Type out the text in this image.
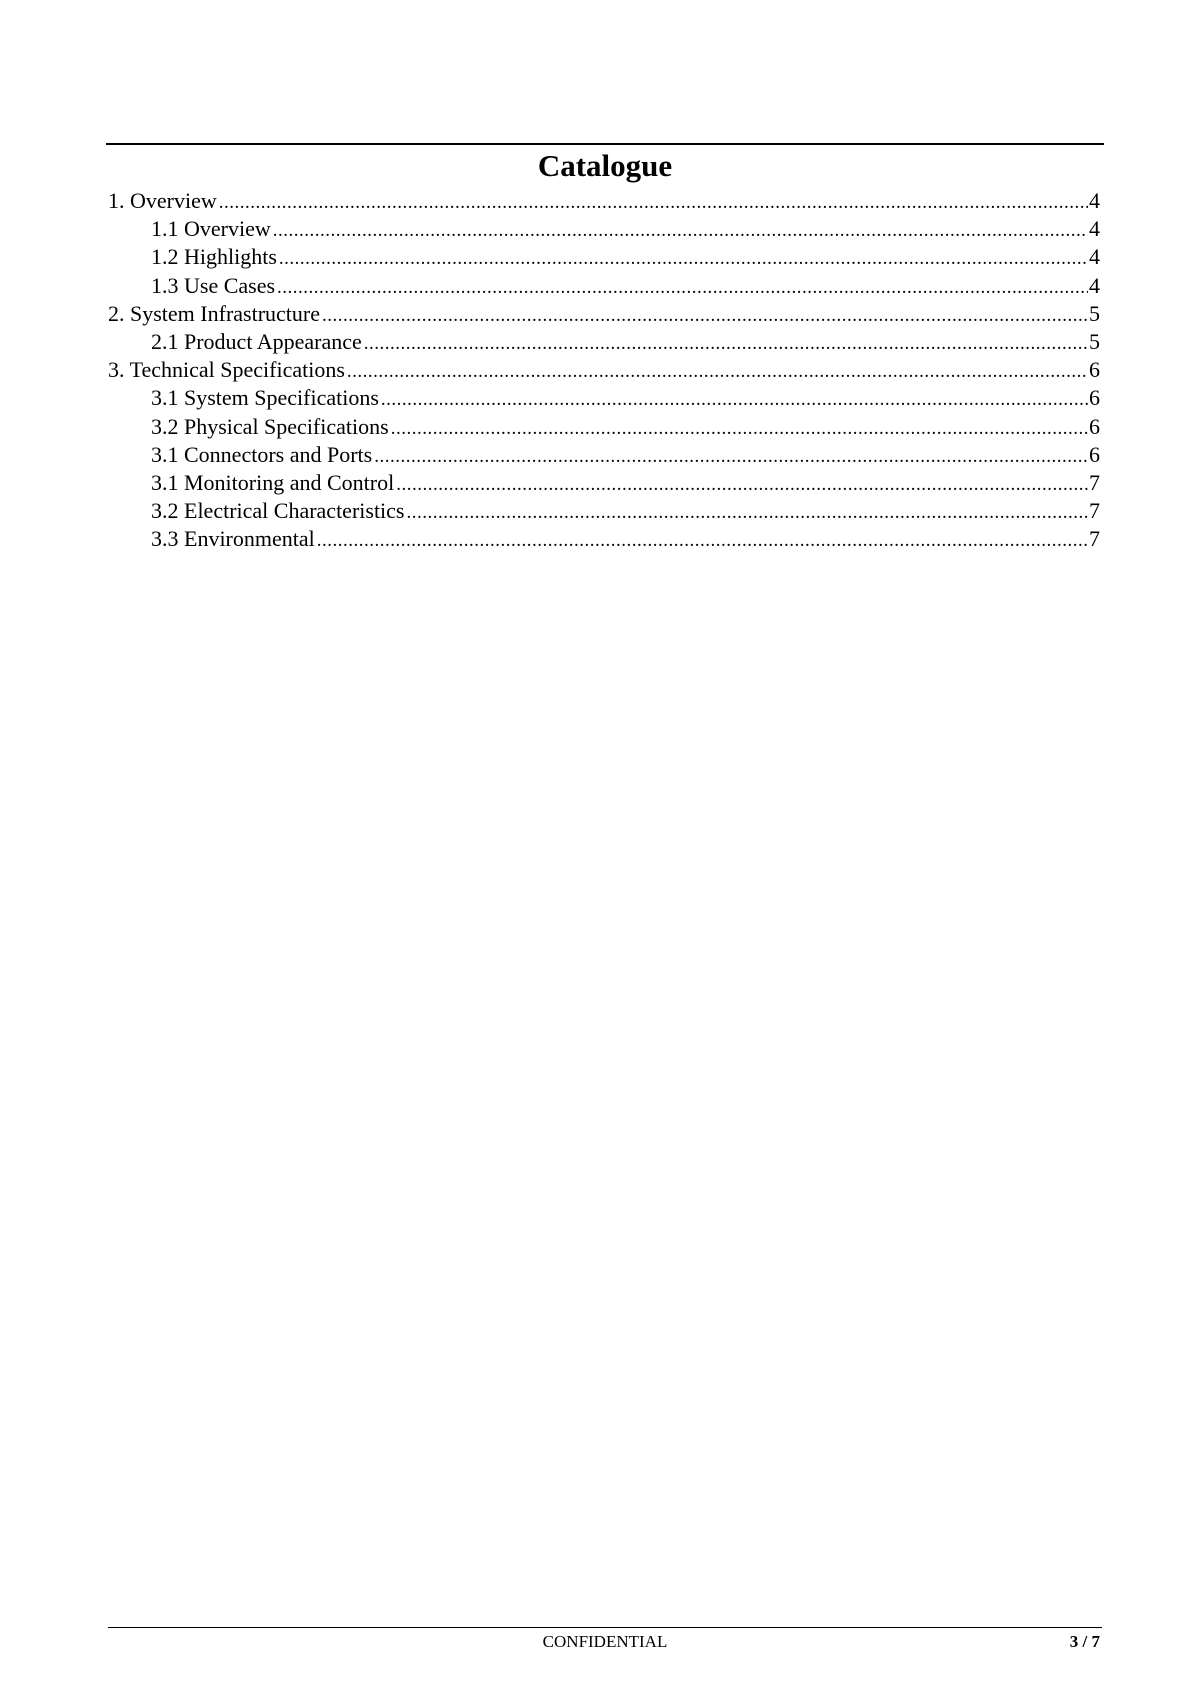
Catalogue
1. Overview .....	4
1.1 Overview .....	4
1.2 Highlights .....	4
1.3 Use Cases .....	4
2. System Infrastructure .....	5
2.1 Product Appearance .....	5
3. Technical Specifications .....	6
3.1 System Specifications .....	6
3.2 Physical Specifications .....	6
3.1 Connectors and Ports .....	6
3.1 Monitoring and Control .....	7
3.2 Electrical Characteristics .....	7
3.3 Environmental .....	7
CONFIDENTIAL	3 / 7
